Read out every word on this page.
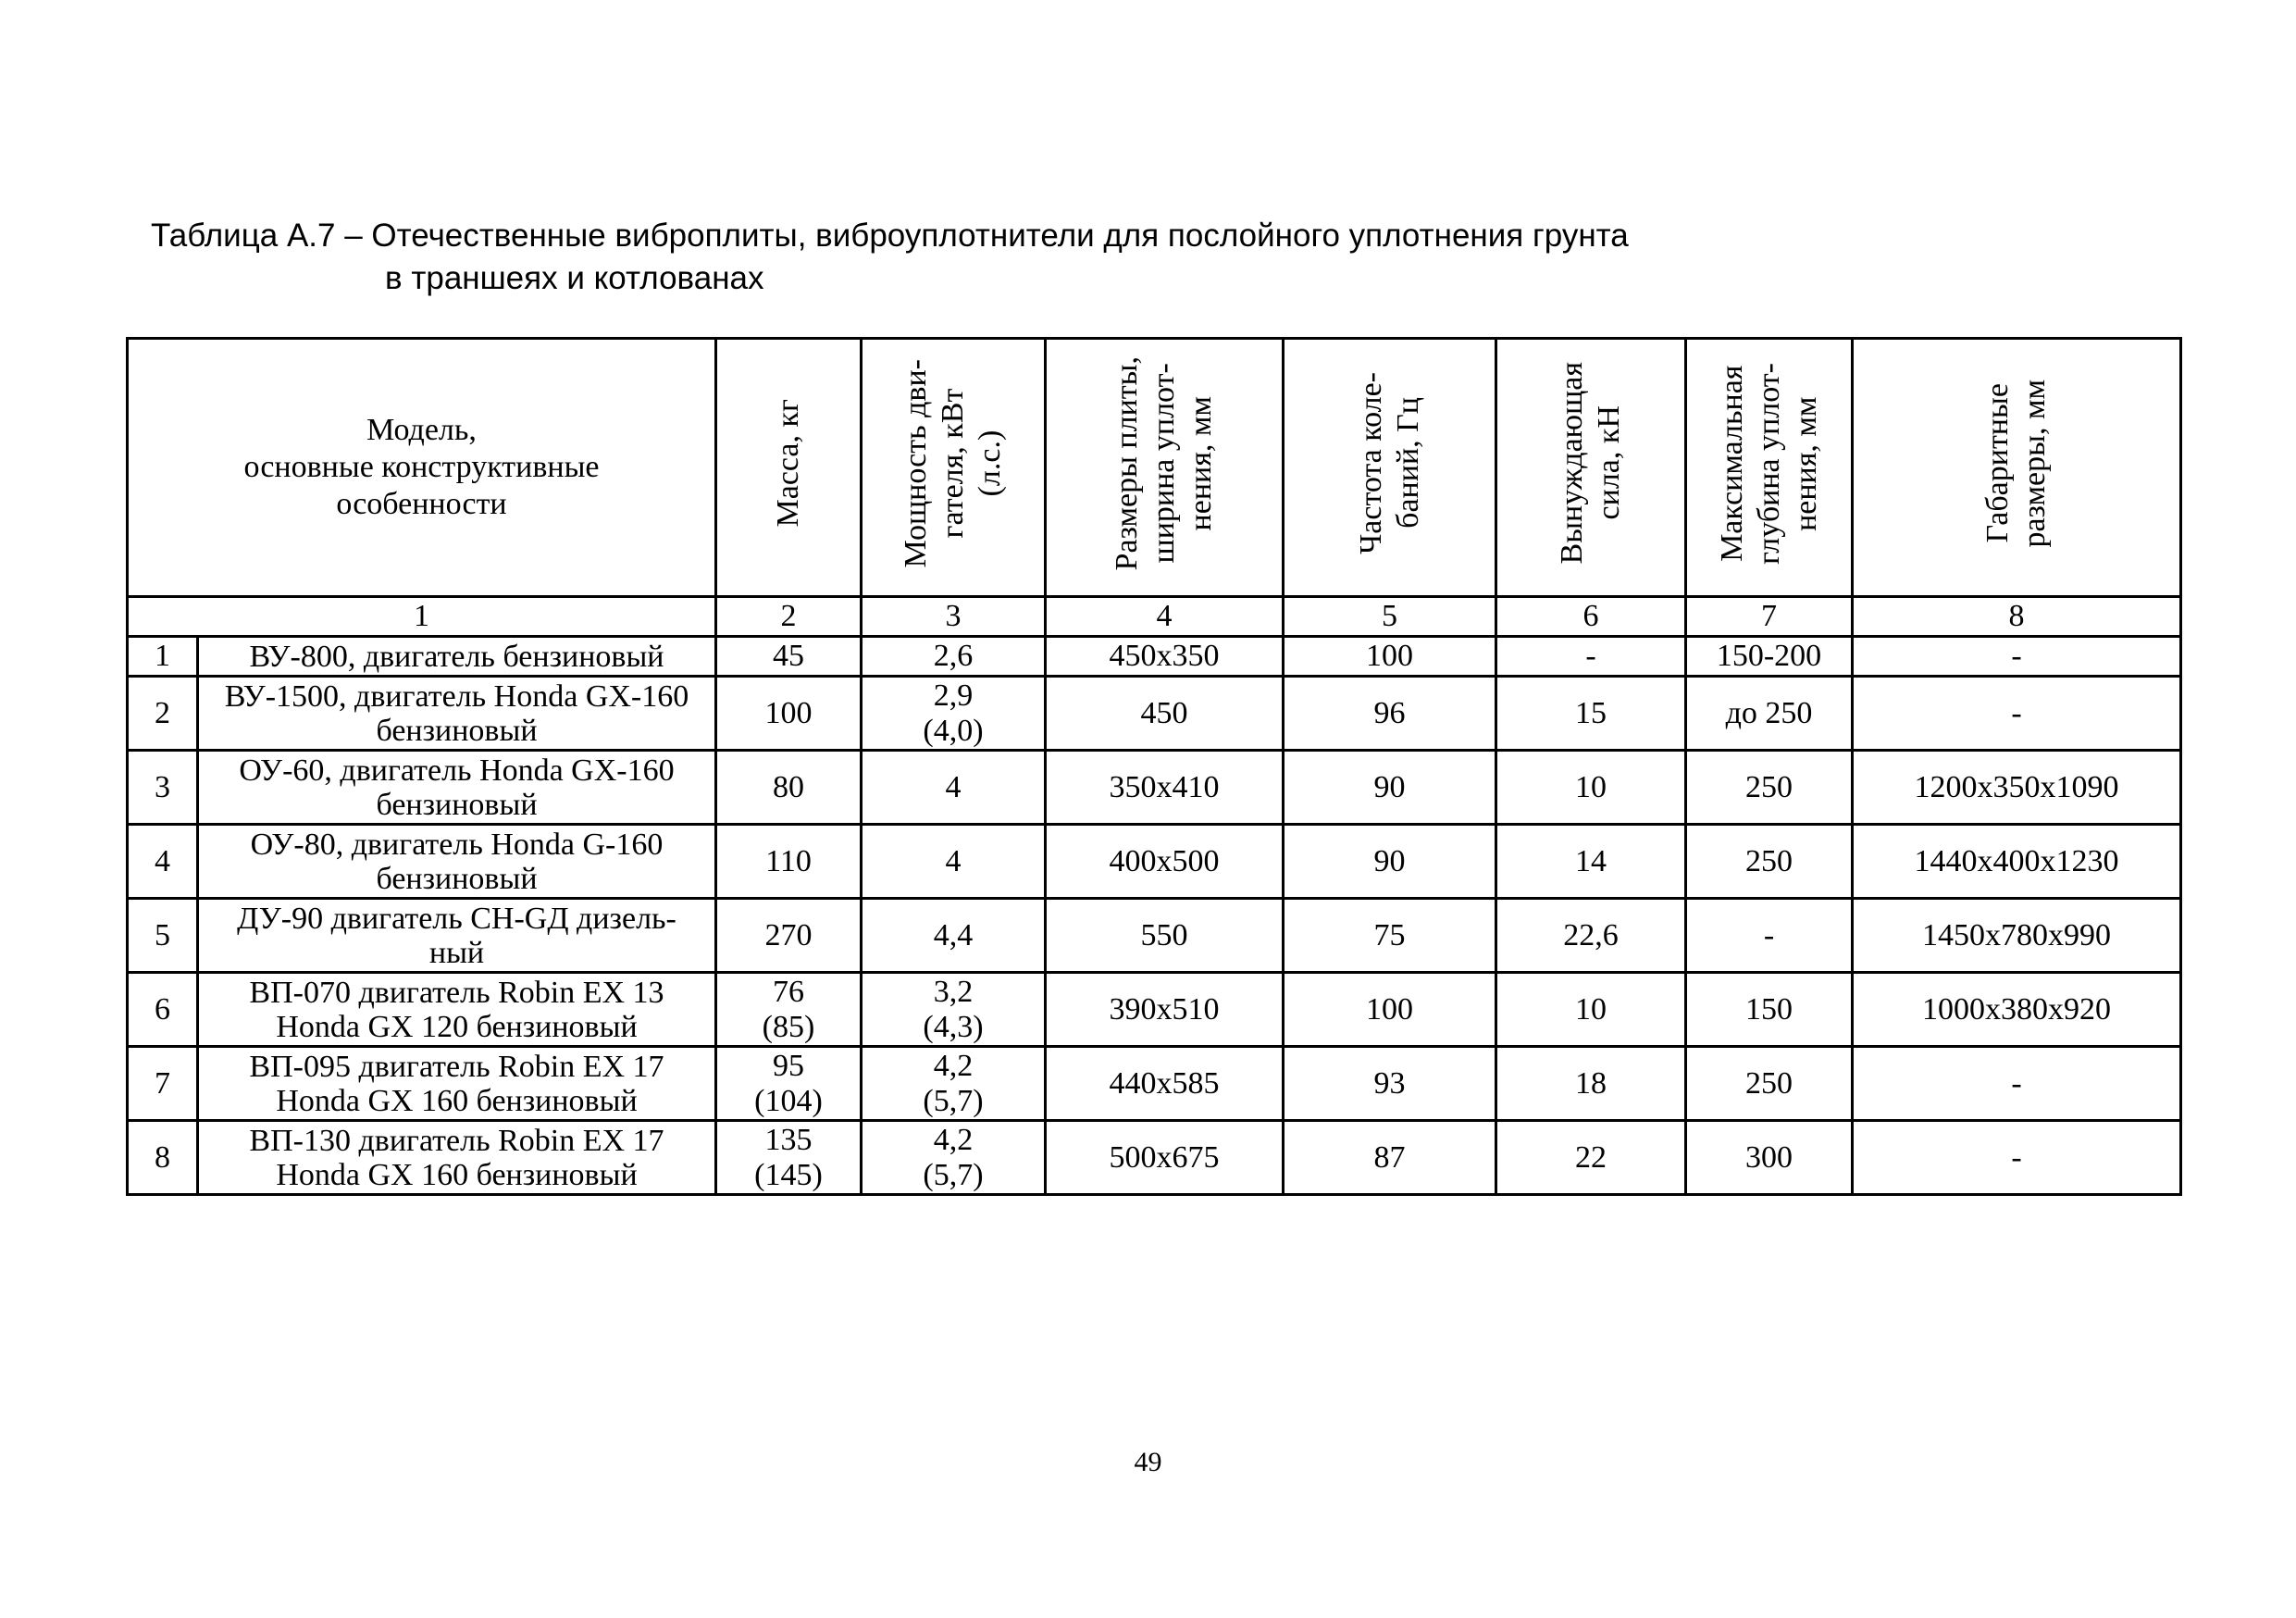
Таблица А.7 – Отечественные виброплиты, виброуплотнители для послойного уплотнения грунта
в траншеях и котлованах
Модель,
основные конструктивные
особенности		Масса, кг	Мощность дви-
гателя, кВт
(л.с.)	Размеры плиты,
ширина уплот-
нения, мм	Частота коле-
баний, Гц	Вынуждающая
сила, кН	Максимальная
глубина уплот-
нения, мм	Габаритные
размеры, мм
1		2	3	4	5	6	7	8
1	ВУ-800, двигатель бензиновый	45	2,6	450x350	100	-	150-200	-
2	ВУ-1500, двигатель Honda GX-160
бензиновый	100	2,9
(4,0)	450	96	15	до 250	-
3	ОУ-60, двигатель Honda GX-160
бензиновый	80	4	350x410	90	10	250	1200x350x1090
4	ОУ-80, двигатель Honda G-160
бензиновый	110	4	400x500	90	14	250	1440x400x1230
5	ДУ-90 двигатель СН-GД дизель-
ный	270	4,4	550	75	22,6	-	1450x780x990
6	ВП-070 двигатель Robin EX 13
Honda GX 120 бензиновый	76
(85)	3,2
(4,3)	390x510	100	10	150	1000x380x920
7	ВП-095 двигатель Robin EX 17
Honda GX 160 бензиновый	95
(104)	4,2
(5,7)	440x585	93	18	250	-
8	ВП-130 двигатель Robin EX 17
Honda GX 160 бензиновый	135
(145)	4,2
(5,7)	500x675	87	22	300	-
49
